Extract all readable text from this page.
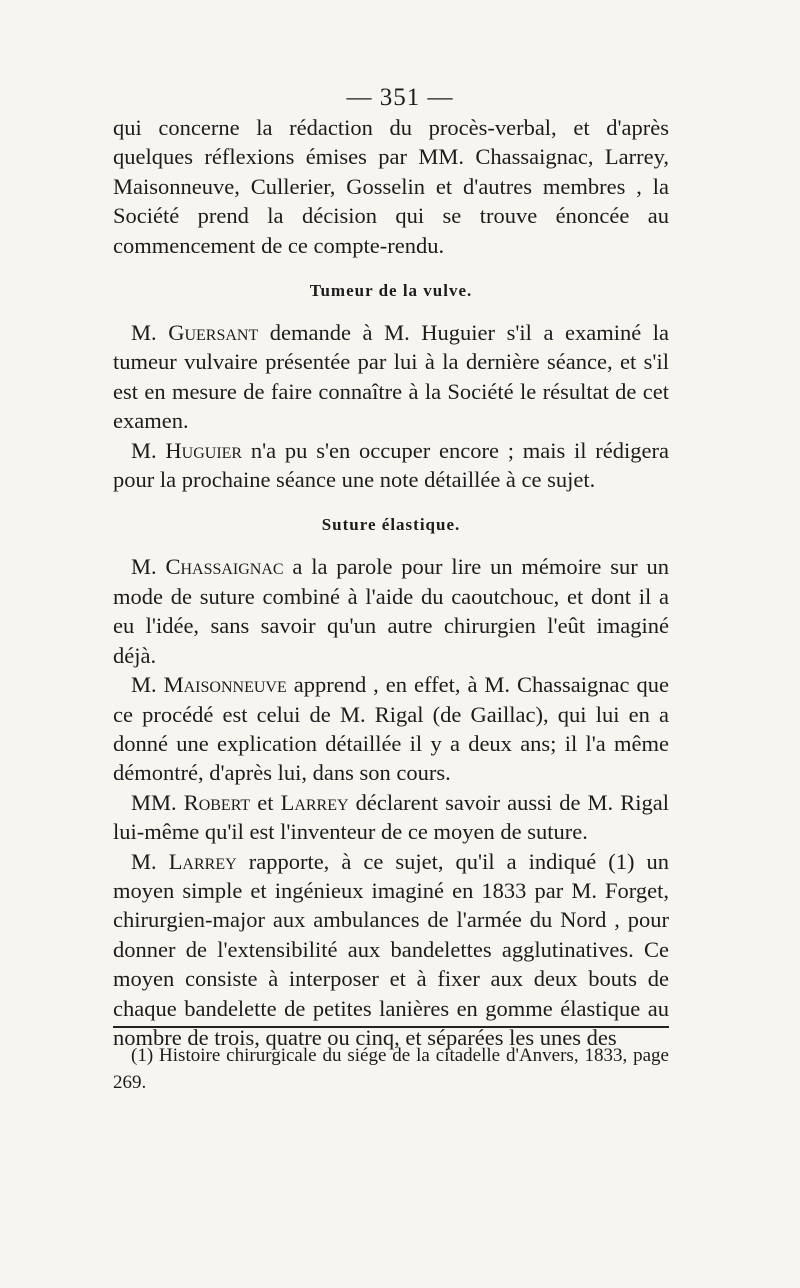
— 351 —

qui concerne la rédaction du procès-verbal, et d'après quelques réflexions émises par MM. Chassaignac, Larrey, Maisonneuve, Cullerier, Gosselin et d'autres membres , la Société prend la décision qui se trouve énoncée au commencement de ce compte-rendu.

Tumeur de la vulve.

M. Guersant demande à M. Huguier s'il a examiné la tumeur vulvaire présentée par lui à la dernière séance, et s'il est en mesure de faire connaître à la Société le résultat de cet examen.

M. Huguier n'a pu s'en occuper encore ; mais il rédigera pour la prochaine séance une note détaillée à ce sujet.

Suture élastique.

M. Chassaignac a la parole pour lire un mémoire sur un mode de suture combiné à l'aide du caoutchouc, et dont il a eu l'idée, sans savoir qu'un autre chirurgien l'eût imaginé déjà.

M. Maisonneuve apprend , en effet, à M. Chassaignac que ce procédé est celui de M. Rigal (de Gaillac), qui lui en a donné une explication détaillée il y a deux ans; il l'a même démontré, d'après lui, dans son cours.

MM. Robert et Larrey déclarent savoir aussi de M. Rigal lui-même qu'il est l'inventeur de ce moyen de suture.

M. Larrey rapporte, à ce sujet, qu'il a indiqué (1) un moyen simple et ingénieux imaginé en 1833 par M. Forget, chirurgien-major aux ambulances de l'armée du Nord , pour donner de l'extensibilité aux bandelettes agglutinatives. Ce moyen consiste à interposer et à fixer aux deux bouts de chaque bandelette de petites lanières en gomme élastique au nombre de trois, quatre ou cinq, et séparées les unes des

(1) Histoire chirurgicale du siége de la citadelle d'Anvers, 1833, page 269.
